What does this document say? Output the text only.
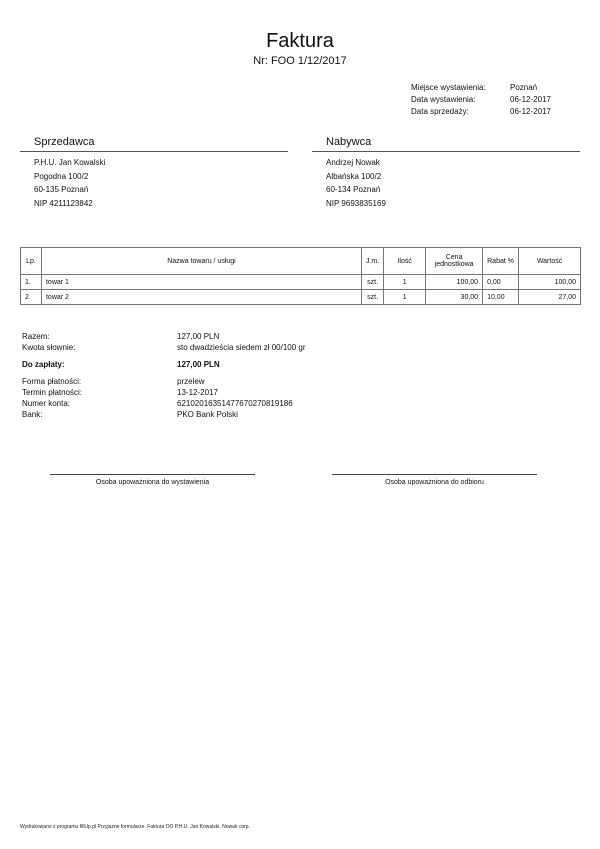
Faktura
Nr: FOO 1/12/2017
Miejsce wystawienia:	Poznań
Data wystawienia:	06-12-2017
Data sprzedaży:	06-12-2017
Sprzedawca
P.H.U. Jan Kowalski
Pogodna 100/2
60-135 Poznań
NIP 4211123842
Nabywca
Andrzej Nowak
Albańska 100/2
60-134 Poznań
NIP 9693835169
Lp.	Nazwa towaru / usługi	J.m.	Ilość	Cena jednostkowa	Rabat %	Wartość
1.	towar 1	szt.	1	100,00	0,00	100,00
2.	towar 2	szt.	1	30,00	10,00	27,00
Razem:	127,00 PLN
Kwota słownie:	sto dwadzieścia siedem zł 00/100 gr
Do zapłaty:	127,00 PLN
Forma płatności:	przelew
Termin płatności:	13-12-2017
Numer konta:	62102016351477670270819186
Bank:	PKO Bank Polski
Osoba upoważniona do wystawienia	Osoba upoważniona do odbioru
Wydrukowano z programu fillUp.pl Przyjazne formularze. Faktura OO P.H.U. Jan Kowalski, Nowak corp.
